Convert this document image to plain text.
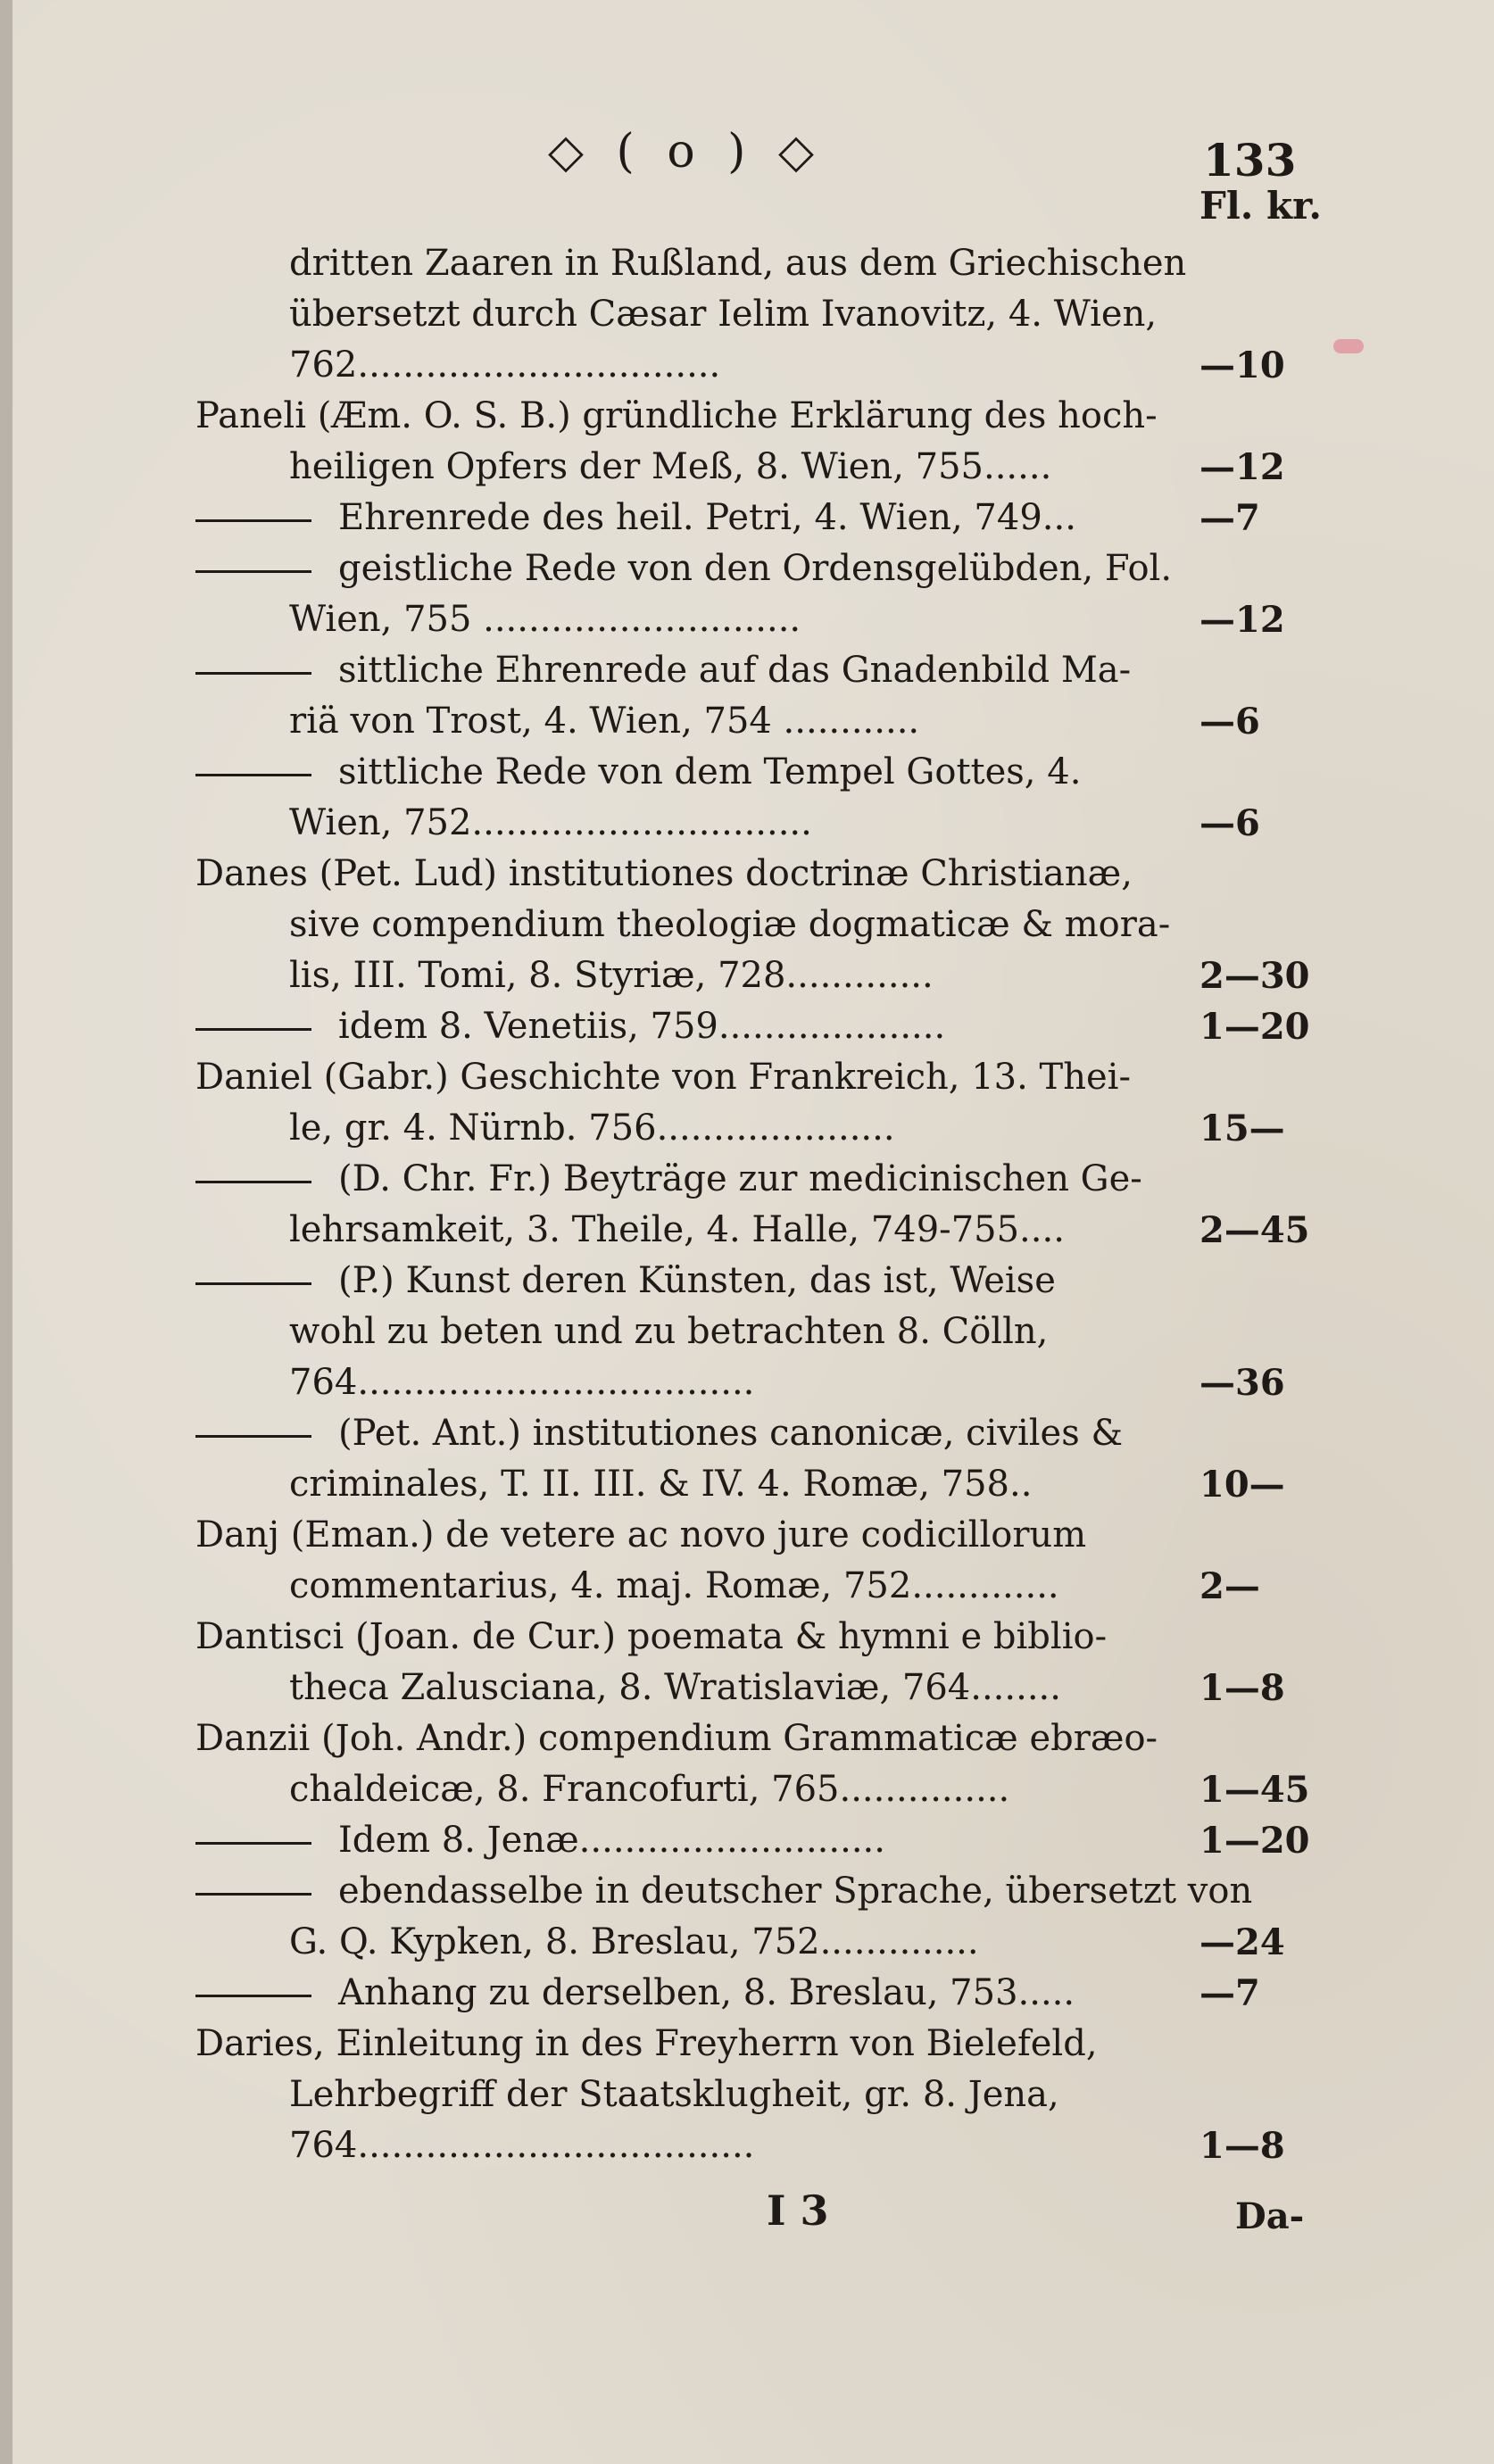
◇ ( o ) ◇	133
Fl. kr.
dritten Zaaren in Rußland, aus dem Griechischen
übersetzt durch Cæsar Ielim Ivanovitz, 4. Wien,
762................................
Paneli (Æm. O. S. B.) gründliche Erklärung des hoch-
heiligen Opfers der Meß, 8. Wien, 755......
Ehrenrede des heil. Petri, 4. Wien, 749...
geistliche Rede von den Ordensgelübden, Fol.
Wien, 755 ............................
sittliche Ehrenrede auf das Gnadenbild Ma-
riä von Trost, 4. Wien, 754 ............
sittliche Rede von dem Tempel Gottes, 4.
Wien, 752..............................
Danes (Pet. Lud) institutiones doctrinæ Christianæ,
sive compendium theologiæ dogmaticæ & mora-
lis, III. Tomi, 8. Styriæ, 728.............
idem 8. Venetiis, 759....................
Daniel (Gabr.) Geschichte von Frankreich, 13. Thei-
le, gr. 4. Nürnb. 756.....................
(D. Chr. Fr.) Beyträge zur medicinischen Ge-
lehrsamkeit, 3. Theile, 4. Halle, 749-755....
(P.) Kunst deren Künsten, das ist, Weise
wohl zu beten und zu betrachten 8. Cölln,
764...................................
(Pet. Ant.) institutiones canonicæ, civiles &
criminales, T. II. III. & IV. 4. Romæ, 758..
Danj (Eman.) de vetere ac novo jure codicillorum
commentarius, 4. maj. Romæ, 752.............
Dantisci (Joan. de Cur.) poemata & hymni e biblio-
theca Zalusciana, 8. Wratislaviæ, 764........
Danzii (Joh. Andr.) compendium Grammaticæ ebræo-
chaldeicæ, 8. Francofurti, 765...............
Idem 8. Jenæ...........................
ebendasselbe in deutscher Sprache, übersetzt von
G. Q. Kypken, 8. Breslau, 752..............
Anhang zu derselben, 8. Breslau, 753.....
Daries, Einleitung in des Freyherrn von Bielefeld,
Lehrbegriff der Staatsklugheit, gr. 8. Jena,
764...................................
—10
—12
—7
—12
—6
—6
2—30
1—20
15—
2—45
—36
10—
2—
1—8
1—45
1—20
—24
—7
1—8
I 3	Da-
